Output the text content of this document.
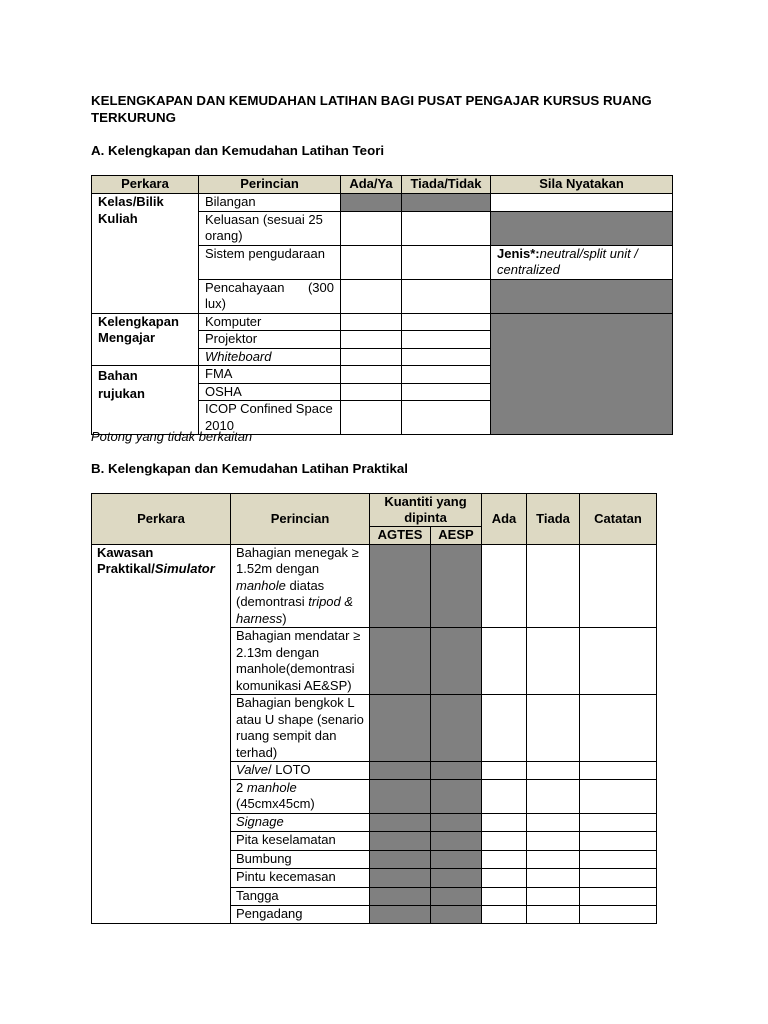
KELENGKAPAN DAN KEMUDAHAN LATIHAN BAGI PUSAT PENGAJAR KURSUS RUANG TERKURUNG
A. Kelengkapan dan Kemudahan Latihan Teori
Perkara	Perincian	Ada/Ya	Tiada/Tidak	Sila Nyatakan
Kelas/Bilik Kuliah	Bilangan			
	Keluasan (sesuai 25 orang)			
	Sistem pengudaraan			Jenis*:neutral/split unit / centralized
	Pencahayaan (300 lux)			
Kelengkapan Mengajar	Komputer			
	Projektor			
	Whiteboard			

Bahan
rujukan	FMA			
	OSHA			
	ICOP Confined Space 2010			
Potong yang tidak berkaitan
B. Kelengkapan dan Kemudahan Latihan Praktikal
Perkara	Perincian	Kuantiti yang dipinta		Ada	Tiada	Catatan
		AGTES	AESP			

Kawasan
Praktikal/Simulator	Bahagian menegak ≥ 1.52m dengan manhole diatas (demontrasi tripod & harness)					
	Bahagian mendatar ≥ 2.13m dengan manhole(demontrasi komunikasi AE&SP)					
	Bahagian bengkok L atau U shape (senario ruang sempit dan terhad)					
	Valve/ LOTO					
	2 manhole (45cmx45cm)					
	Signage					
	Pita keselamatan					
	Bumbung					
	Pintu kecemasan					
	Tangga					
	Pengadang					
